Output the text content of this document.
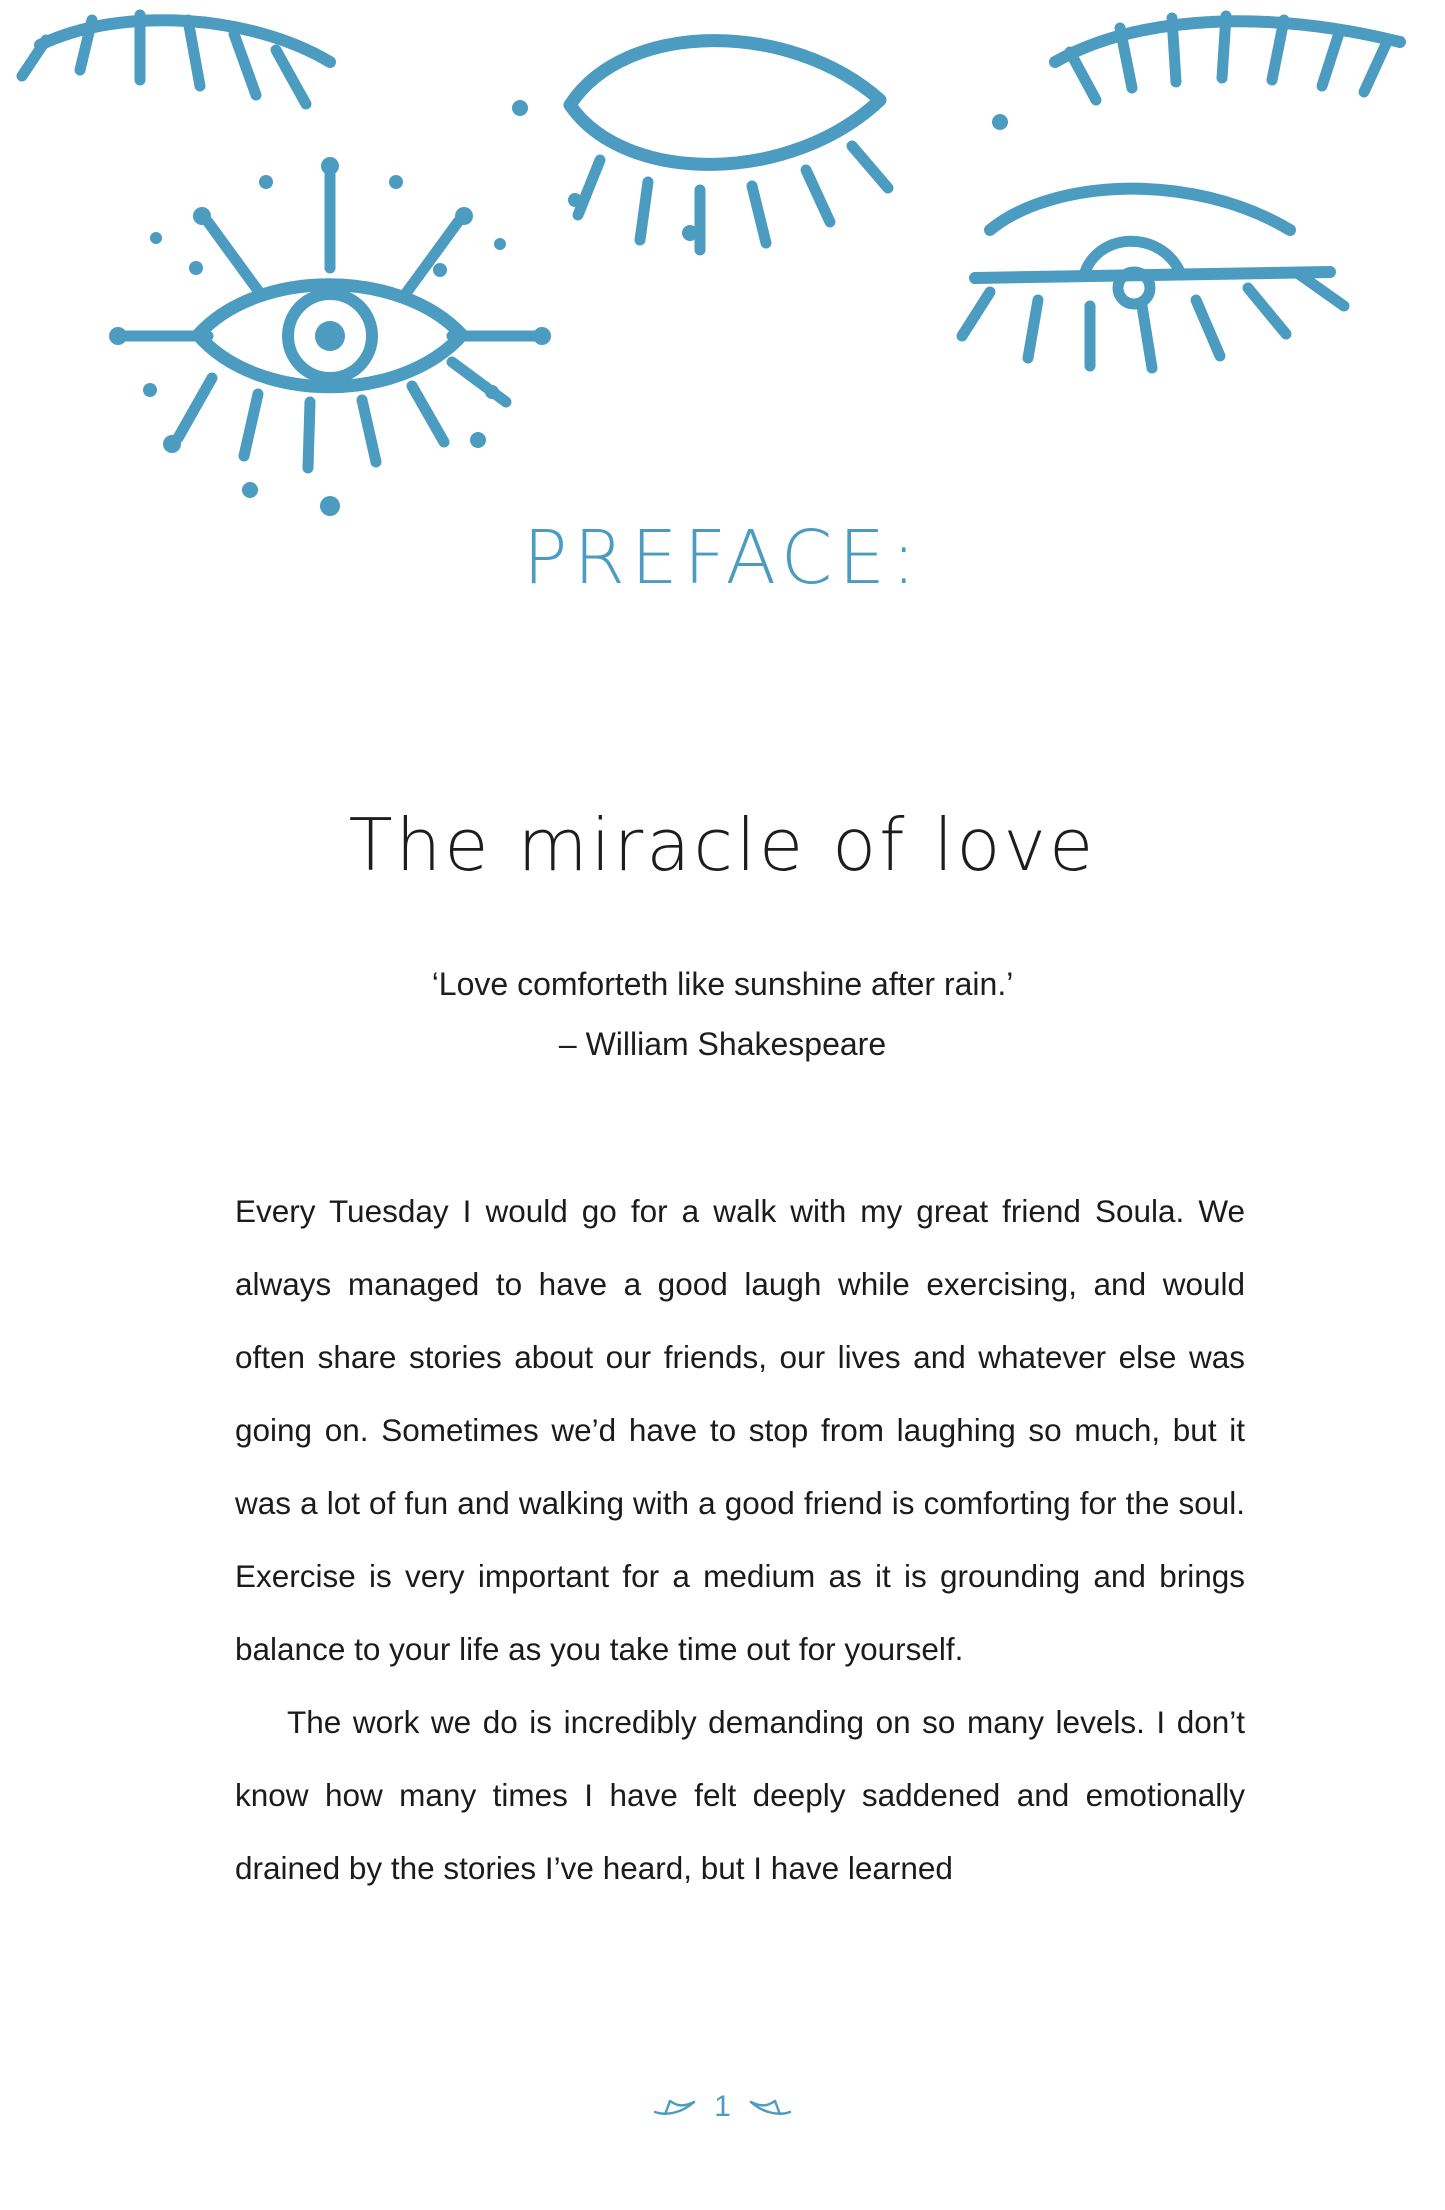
PREFACE:
The miracle of love
‘Love comforteth like sunshine after rain.’
– William Shakespeare

Every Tuesday I would go for a walk with my great friend Soula. We always managed to have a good laugh while exercising, and would often share stories about our friends, our lives and whatever else was going on. Sometimes we’d have to stop from laughing so much, but it was a lot of fun and walking with a good friend is comforting for the soul. Exercise is very important for a medium as it is grounding and brings balance to your life as you take time out for yourself.

The work we do is incredibly demanding on so many levels. I don’t know how many times I have felt deeply saddened and emotionally drained by the stories I’ve heard, but I have learned

1
